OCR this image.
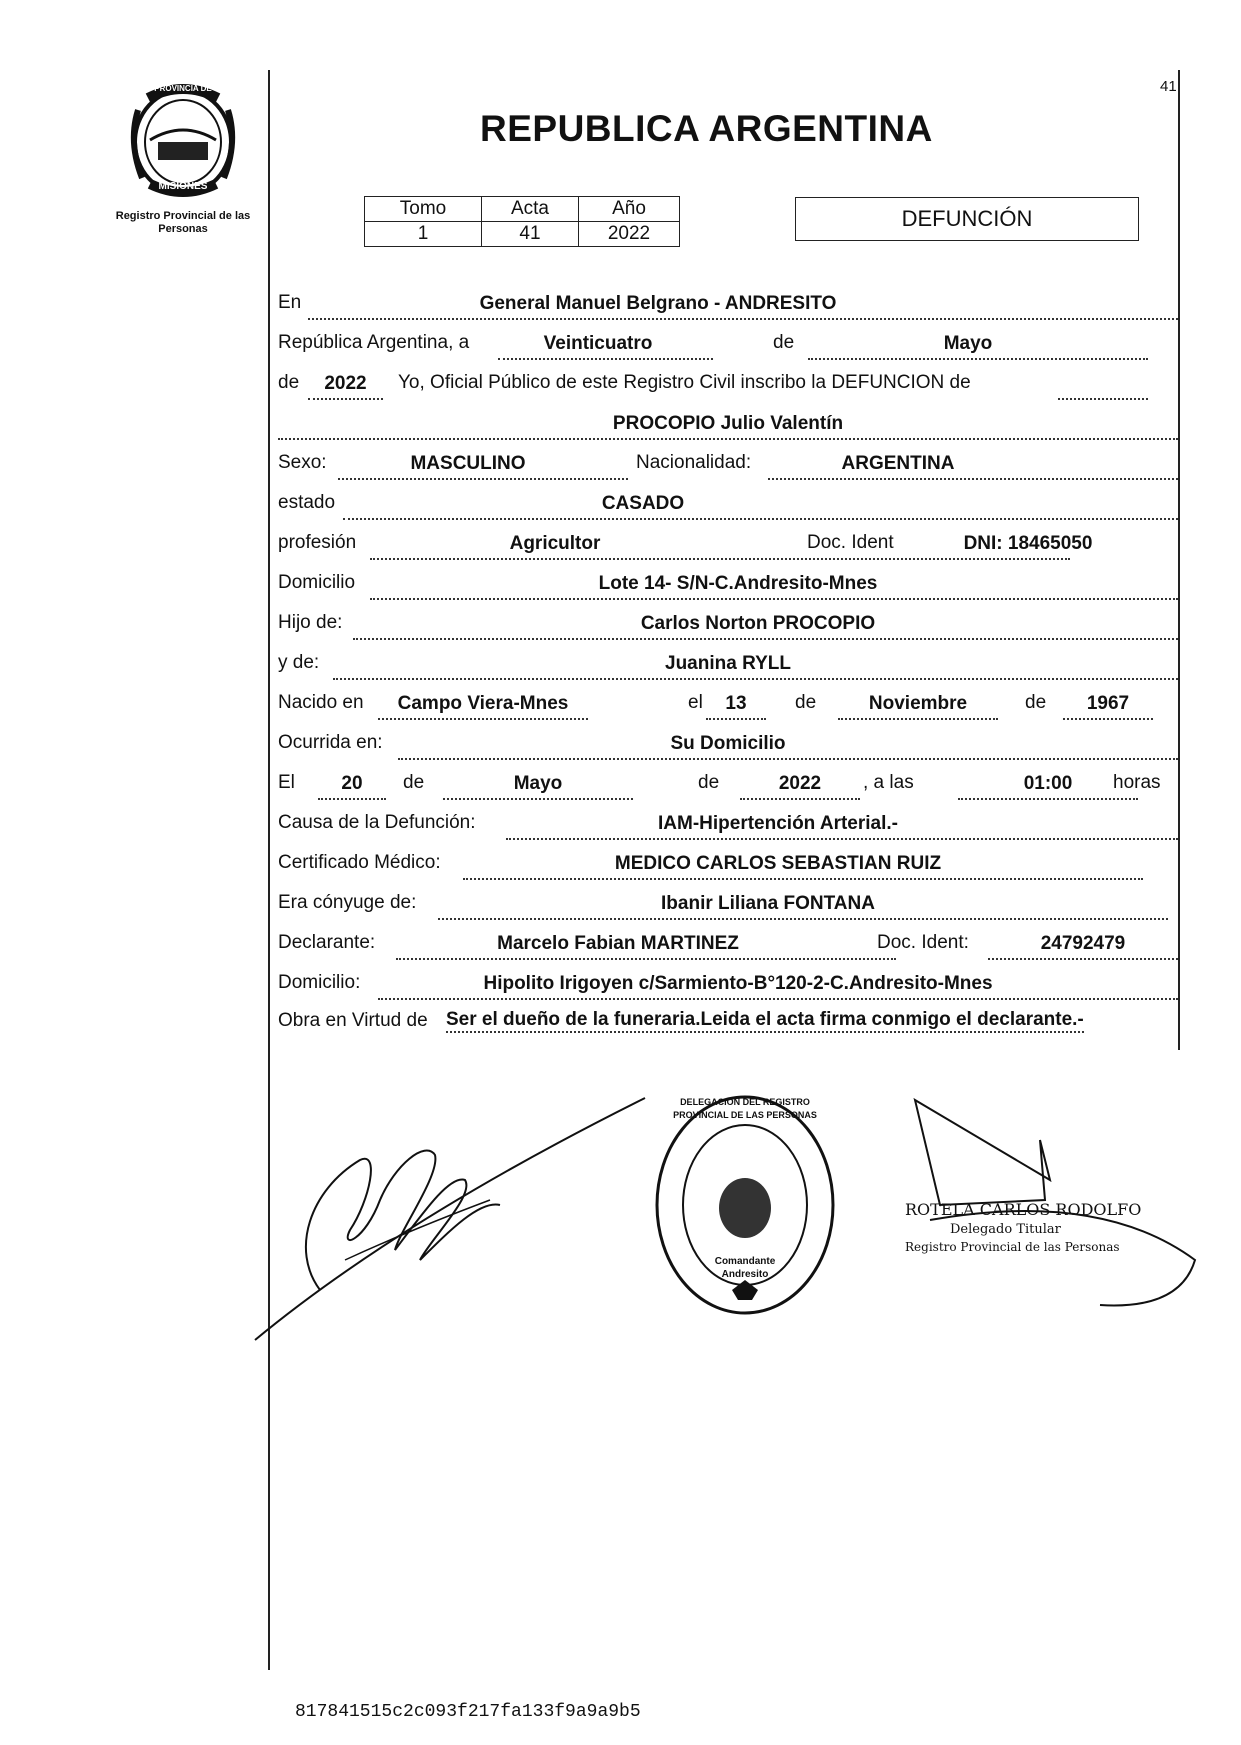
PROVINCIA DE
MISIONES
Registro Provincial de las Personas
41
REPUBLICA ARGENTINA
Tomo	Acta	Año
1	41	2022
DEFUNCIÓN
En	General Manuel Belgrano - ANDRESITO
República Argentina, a	Veinticuatro	de	Mayo
de	2022	Yo, Oficial Público de este Registro Civil inscribo la DEFUNCION de
PROCOPIO Julio Valentín
Sexo:	MASCULINO	Nacionalidad:	ARGENTINA
estado	CASADO
profesión	Agricultor	Doc. Ident	DNI: 18465050
Domicilio	Lote 14- S/N-C.Andresito-Mnes
Hijo de:	Carlos Norton PROCOPIO
y de:	Juanina RYLL
Nacido en	Campo Viera-Mnes	el	13	de	Noviembre	de	1967
Ocurrida en:	Su Domicilio
El	20	de	Mayo	de	2022	, a las	01:00	horas
Causa de la Defunción:	IAM-Hipertención Arterial.-
Certificado Médico:	MEDICO CARLOS SEBASTIAN RUIZ
Era cónyuge de:	Ibanir Liliana FONTANA
Declarante:	Marcelo Fabian MARTINEZ	Doc. Ident:	24792479
Domicilio:	Hipolito Irigoyen c/Sarmiento-B°120-2-C.Andresito-Mnes
Obra en Virtud de Ser el dueño de la funeraria.Leida el acta firma conmigo el declarante.-
DELEGACION DEL REGISTRO PROVINCIAL DE LAS PERSONAS
Comandante Andresito
ROTELA CARLOS RODOLFO
Delegado Titular
Registro Provincial de las Personas
817841515c2c093f217fa133f9a9a9b5
